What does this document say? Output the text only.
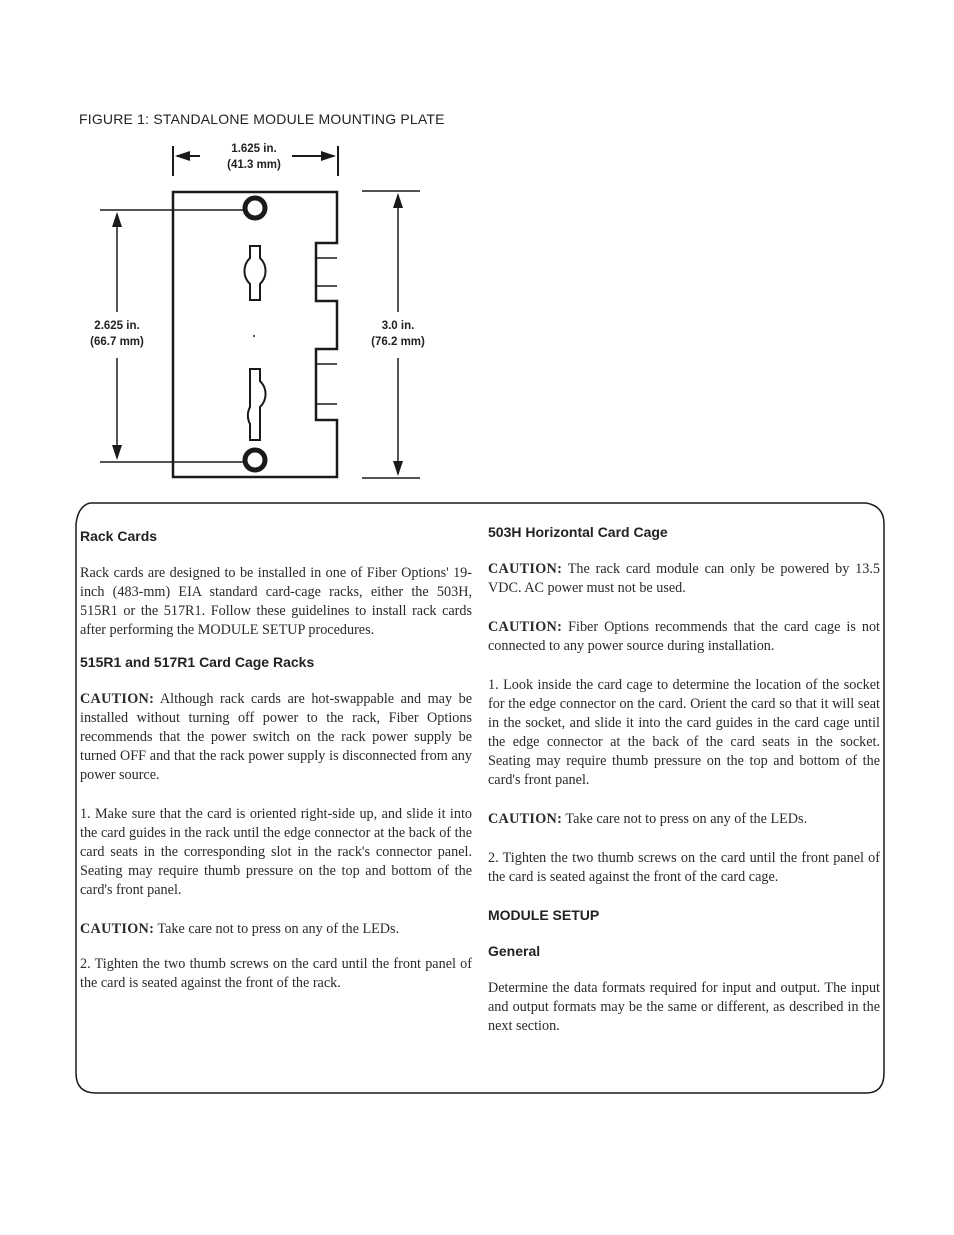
FIGURE 1: STANDALONE MODULE MOUNTING PLATE
1.625 in.
(41.3 mm)
2.625 in.
(66.7 mm)
3.0 in.
(76.2 mm)
Rack Cards

Rack cards are designed to be installed in one of Fiber Options' 19-inch (483-mm) EIA standard card-cage racks, either the 503H, 515R1 or the 517R1. Follow these guidelines to install rack cards after performing the MODULE SETUP procedures.

515R1 and 517R1 Card Cage Racks

CAUTION: Although rack cards are hot-swappable and may be installed without turning off power to the rack, Fiber Options recommends that the power switch on the rack power supply be turned OFF and that the rack power supply is disconnected from any power source.

1. Make sure that the card is oriented right-side up, and slide it into the card guides in the rack until the edge connector at the back of the card seats in the corresponding slot in the rack's connector panel. Seating may require thumb pressure on the top and bottom of the card's front panel.

CAUTION: Take care not to press on any of the LEDs.

2. Tighten the two thumb screws on the card until the front panel of the card is seated against the front of the rack.

503H Horizontal Card Cage

CAUTION: The rack card module can only be powered by 13.5 VDC. AC power must not be used.

CAUTION: Fiber Options recommends that the card cage is not connected to any power source during installation.

1. Look inside the card cage to determine the location of the socket for the edge connector on the card. Orient the card so that it will seat in the socket, and slide it into the card guides in the card cage until the edge connector at the back of the card seats in the socket. Seating may require thumb pressure on the top and bottom of the card's front panel.

CAUTION: Take care not to press on any of the LEDs.

2. Tighten the two thumb screws on the card until the front panel of the card is seated against the front of the card cage.

MODULE SETUP
General

Determine the data formats required for input and output. The input and output formats may be the same or different, as described in the next section.
